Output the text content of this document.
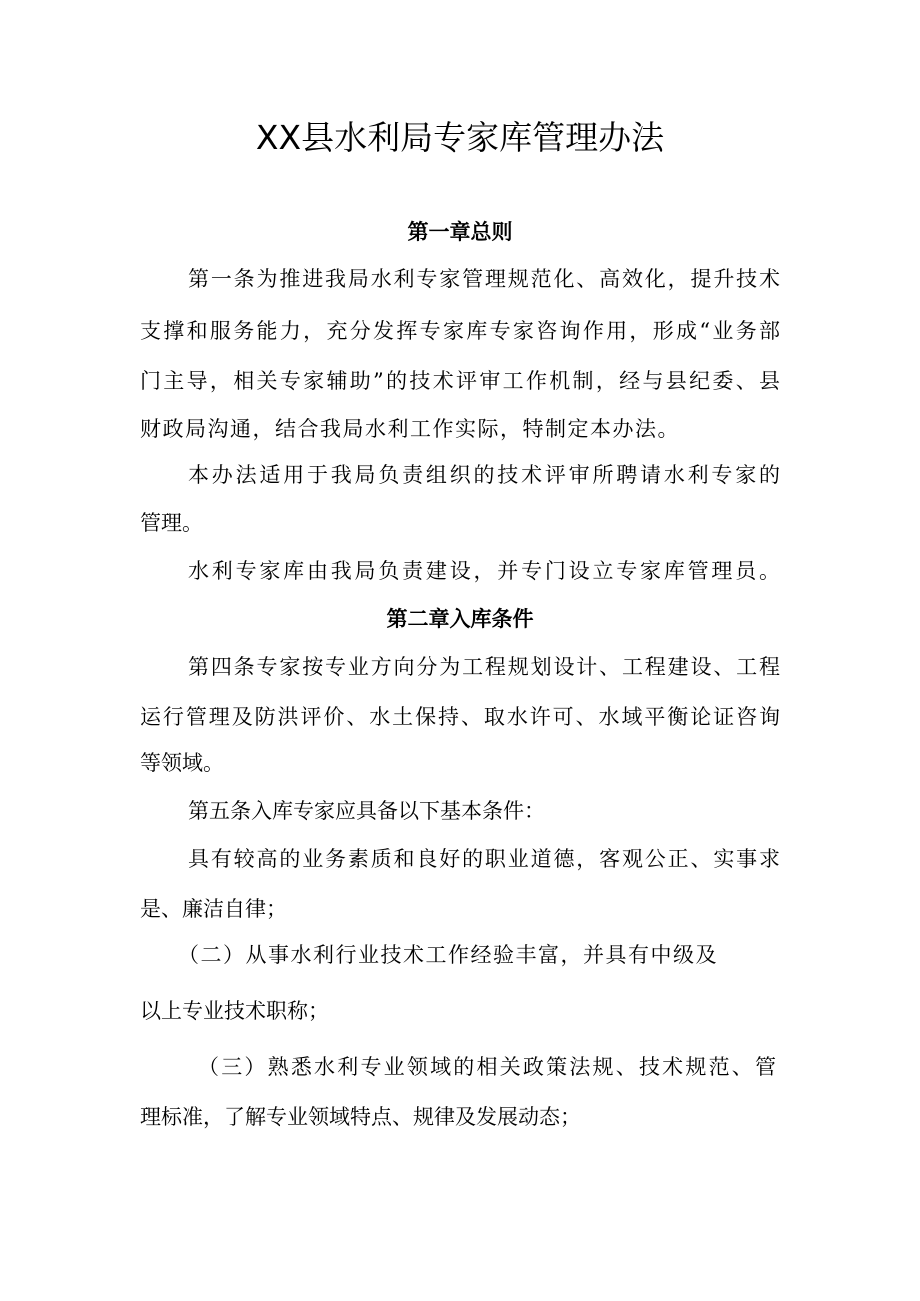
XX县水利局专家库管理办法
第一章总则

第一条为推进我局水利专家管理规范化、高效化，提升技术

支撑和服务能力，充分发挥专家库专家咨询作用，形成“业务部

门主导，相关专家辅助”的技术评审工作机制，经与县纪委、县

财政局沟通，结合我局水利工作实际，特制定本办法。

本办法适用于我局负责组织的技术评审所聘请水利专家的

管理。

水利专家库由我局负责建设，并专门设立专家库管理员。

第二章入库条件

第四条专家按专业方向分为工程规划设计、工程建设、工程

运行管理及防洪评价、水土保持、取水许可、水域平衡论证咨询

等领域。

第五条入库专家应具备以下基本条件：

具有较高的业务素质和良好的职业道德，客观公正、实事求

是、廉洁自律；

（二）从事水利行业技术工作经验丰富，并具有中级及

以上专业技术职称；

（三）熟悉水利专业领域的相关政策法规、技术规范、管

理标准，了解专业领域特点、规律及发展动态；
